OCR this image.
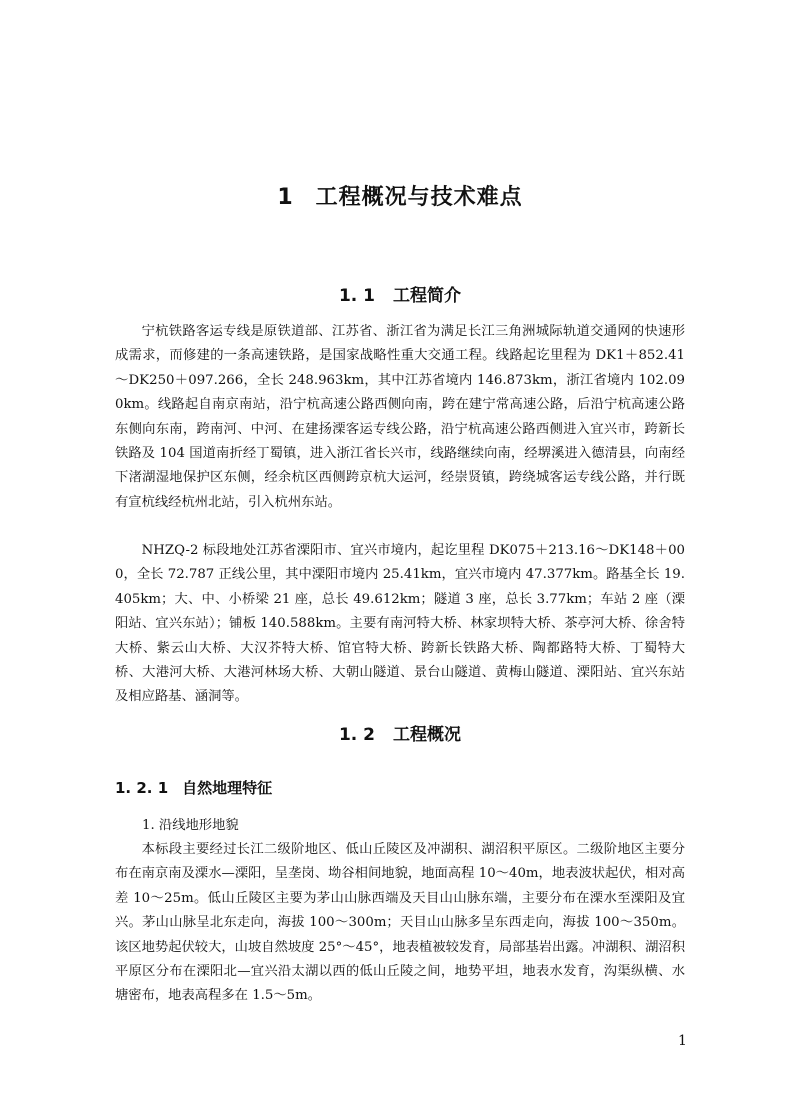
1 工程概况与技术难点
1. 1 工程简介

宁杭铁路客运专线是原铁道部、江苏省、浙江省为满足长江三角洲城际轨道交通网的快速形成需求，而修建的一条高速铁路，是国家战略性重大交通工程。线路起讫里程为 DK1＋852.41～DK250＋097.266，全长 248.963km，其中江苏省境内 146.873km，浙江省境内 102.090km。线路起自南京南站，沿宁杭高速公路西侧向南，跨在建宁常高速公路，后沿宁杭高速公路东侧向东南，跨南河、中河、在建扬溧客运专线公路，沿宁杭高速公路西侧进入宜兴市，跨新长铁路及 104 国道南折经丁蜀镇，进入浙江省长兴市，线路继续向南，经堺溪进入德清县，向南经下渚湖湿地保护区东侧，经余杭区西侧跨京杭大运河，经崇贤镇，跨绕城客运专线公路，并行既有宣杭线经杭州北站，引入杭州东站。

NHZQ-2 标段地处江苏省溧阳市、宜兴市境内，起讫里程 DK075＋213.16～DK148＋000，全长 72.787 正线公里，其中溧阳市境内 25.41km，宜兴市境内 47.377km。路基全长 19.405km；大、中、小桥梁 21 座，总长 49.612km；隧道 3 座，总长 3.77km；车站 2 座（溧阳站、宜兴东站）；铺板 140.588km。主要有南河特大桥、林家坝特大桥、茶亭河大桥、徐舍特大桥、紫云山大桥、大汉芥特大桥、馆官特大桥、跨新长铁路大桥、陶都路特大桥、丁蜀特大桥、大港河大桥、大港河林场大桥、大朝山隧道、景台山隧道、黄梅山隧道、溧阳站、宜兴东站及相应路基、涵洞等。

1. 2 工程概况
1. 2. 1 自然地理特征
1. 沿线地形地貌

本标段主要经过长江二级阶地区、低山丘陵区及冲湖积、湖沼积平原区。二级阶地区主要分布在南京南及溧水—溧阳，呈垄岗、坳谷相间地貌，地面高程 10～40m，地表波状起伏，相对高差 10～25m。低山丘陵区主要为茅山山脉西端及天目山山脉东端，主要分布在溧水至溧阳及宜兴。茅山山脉呈北东走向，海拔 100～300m；天目山山脉多呈东西走向，海拔 100～350m。该区地势起伏较大，山坡自然坡度 25°～45°，地表植被较发育，局部基岩出露。冲湖积、湖沼积平原区分布在溧阳北—宜兴沿太湖以西的低山丘陵之间，地势平坦，地表水发育，沟渠纵横、水塘密布，地表高程多在 1.5～5m。

1
